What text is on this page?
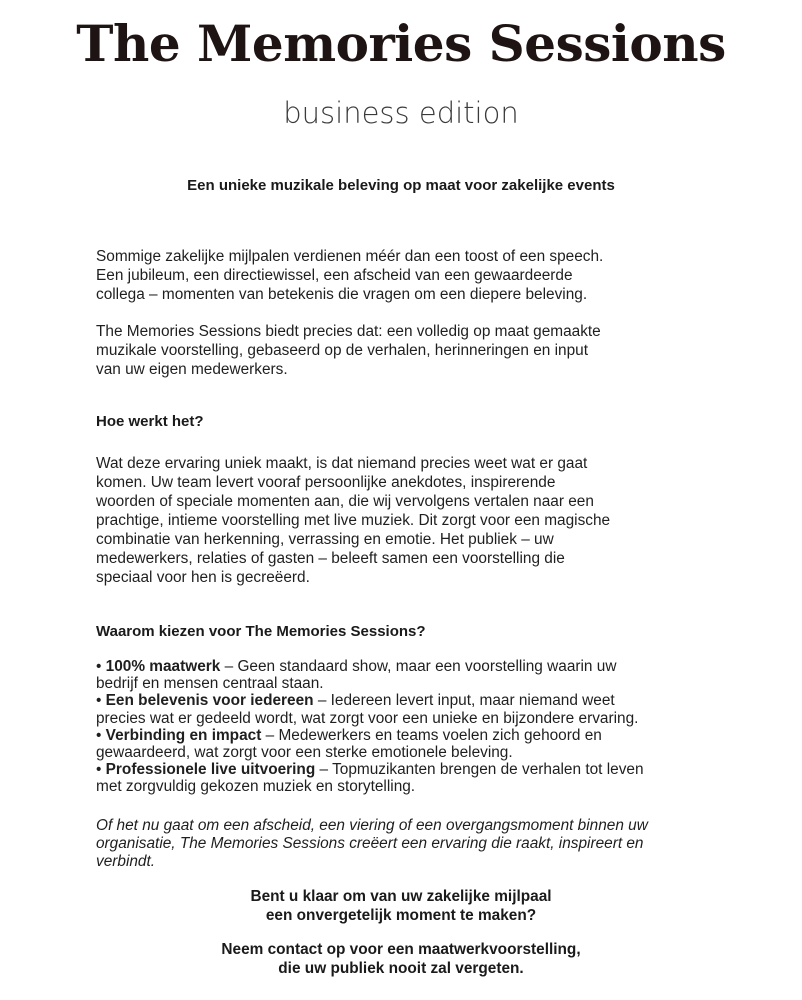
The Memories Sessions
business edition
Een unieke muzikale beleving op maat voor zakelijke events
Sommige zakelijke mijlpalen verdienen méér dan een toost of een speech.
Een jubileum, een directiewissel, een afscheid van een gewaardeerde
collega – momenten van betekenis die vragen om een diepere beleving.
The Memories Sessions biedt precies dat: een volledig op maat gemaakte
muzikale voorstelling, gebaseerd op de verhalen, herinneringen en input
van uw eigen medewerkers.
Hoe werkt het?
Wat deze ervaring uniek maakt, is dat niemand precies weet wat er gaat
komen. Uw team levert vooraf persoonlijke anekdotes, inspirerende
woorden of speciale momenten aan, die wij vervolgens vertalen naar een
prachtige, intieme voorstelling met live muziek. Dit zorgt voor een magische
combinatie van herkenning, verrassing en emotie. Het publiek – uw
medewerkers, relaties of gasten – beleeft samen een voorstelling die
speciaal voor hen is gecreëerd.
Waarom kiezen voor The Memories Sessions?
• 100% maatwerk – Geen standaard show, maar een voorstelling waarin uw
bedrijf en mensen centraal staan.
• Een belevenis voor iedereen – Iedereen levert input, maar niemand weet
precies wat er gedeeld wordt, wat zorgt voor een unieke en bijzondere ervaring.
• Verbinding en impact – Medewerkers en teams voelen zich gehoord en
gewaardeerd, wat zorgt voor een sterke emotionele beleving.
• Professionele live uitvoering – Topmuzikanten brengen de verhalen tot leven
met zorgvuldig gekozen muziek en storytelling.
Of het nu gaat om een afscheid, een viering of een overgangsmoment binnen uw
organisatie, The Memories Sessions creëert een ervaring die raakt, inspireert en
verbindt.
Bent u klaar om van uw zakelijke mijlpaal
een onvergetelijk moment te maken?
Neem contact op voor een maatwerkvoorstelling,
die uw publiek nooit zal vergeten.
